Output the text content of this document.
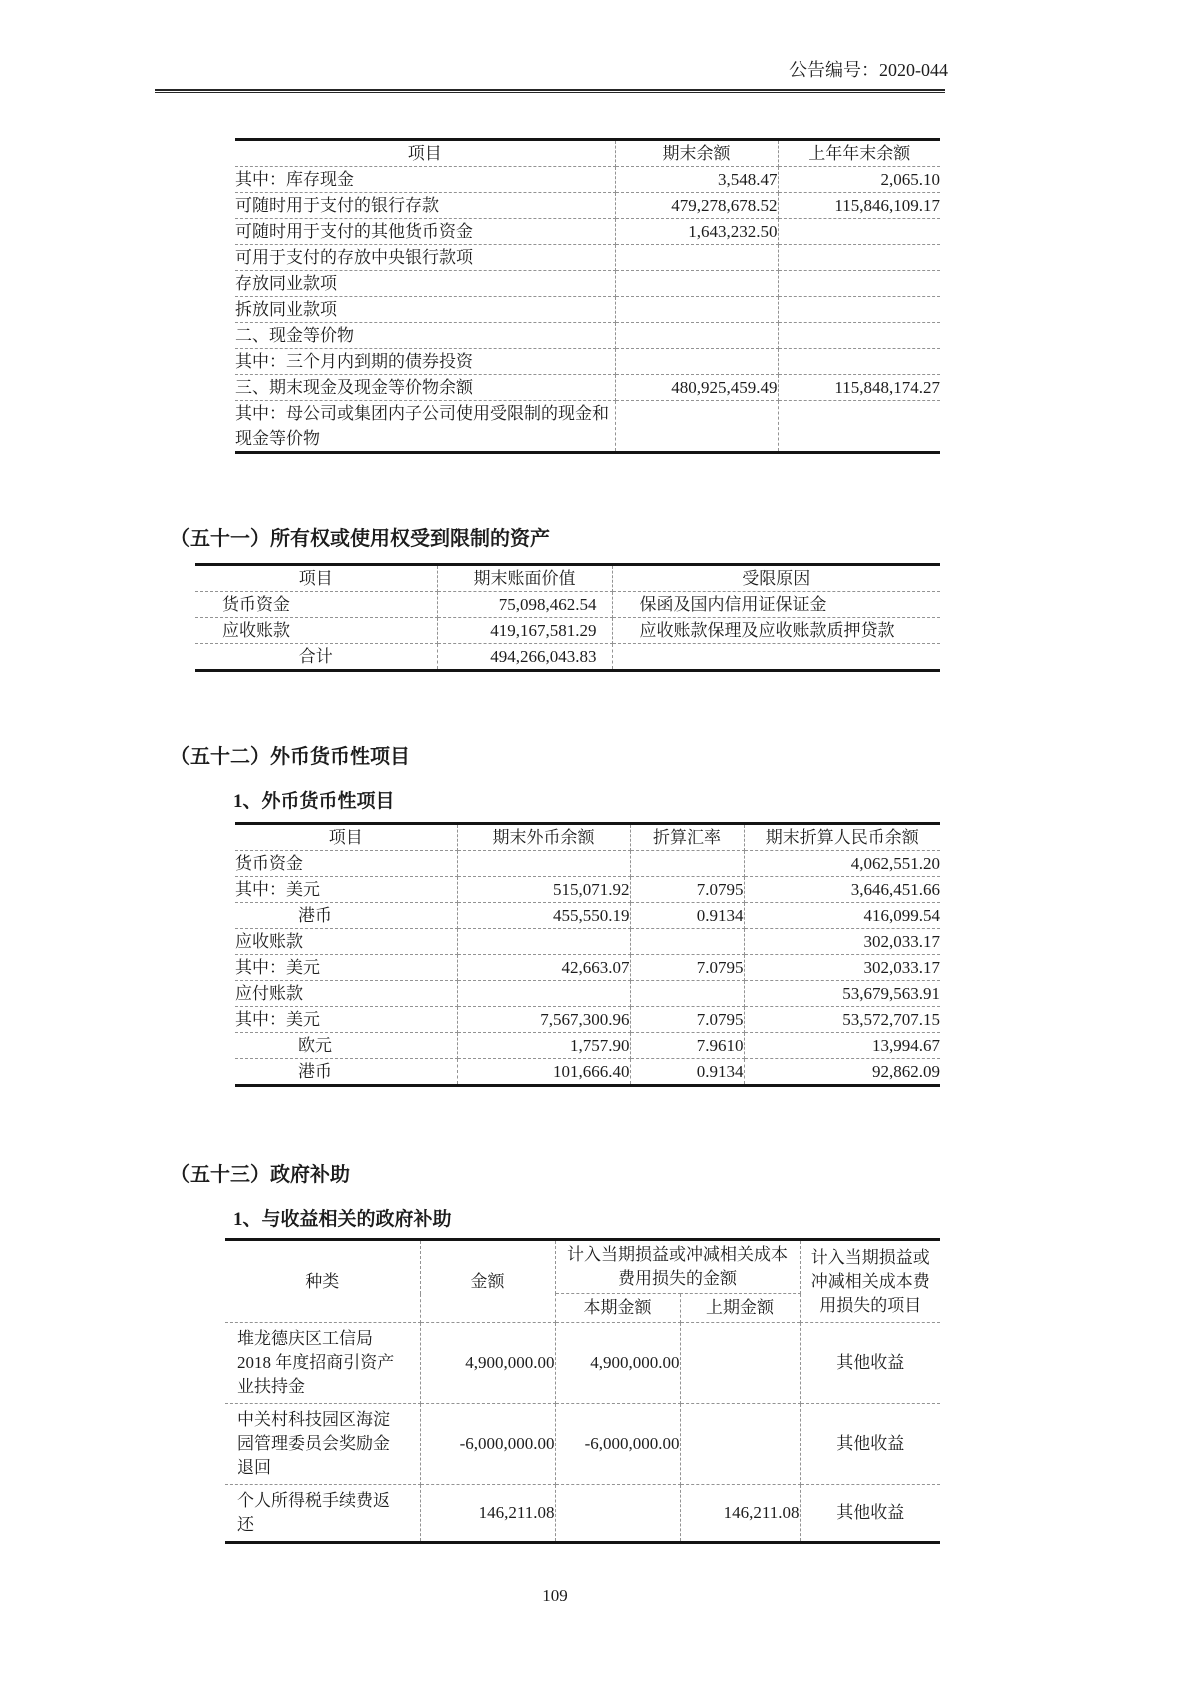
公告编号：2020-044
项目	期末余额	上年年末余额
其中：库存现金	3,548.47	2,065.10
可随时用于支付的银行存款	479,278,678.52	115,846,109.17
可随时用于支付的其他货币资金	1,643,232.50	
可用于支付的存放中央银行款项		
存放同业款项		
拆放同业款项		
二、现金等价物		
其中：三个月内到期的债券投资		
三、期末现金及现金等价物余额	480,925,459.49	115,848,174.27
其中：母公司或集团内子公司使用受限制的现金和现金等价物		
（五十一）所有权或使用权受到限制的资产
项目	期末账面价值	受限原因
货币资金	75,098,462.54	保函及国内信用证保证金
应收账款	419,167,581.29	应收账款保理及应收账款质押贷款
合计	494,266,043.83	
（五十二）外币货币性项目
1、外币货币性项目
项目	期末外币余额	折算汇率	期末折算人民币余额
货币资金			4,062,551.20
其中：美元	515,071.92	7.0795	3,646,451.66
港币	455,550.19	0.9134	416,099.54
应收账款			302,033.17
其中：美元	42,663.07	7.0795	302,033.17
应付账款			53,679,563.91
其中：美元	7,567,300.96	7.0795	53,572,707.15
欧元	1,757.90	7.9610	13,994.67
港币	101,666.40	0.9134	92,862.09
（五十三）政府补助
1、与收益相关的政府补助
种类	金额	计入当期损益或冲减相关成本费用损失的金额		计入当期损益或冲减相关成本费用损失的项目
		本期金额	上期金额	
堆龙德庆区工信局2018 年度招商引资产业扶持金	4,900,000.00	4,900,000.00		其他收益
中关村科技园区海淀园管理委员会奖励金退回	-6,000,000.00	-6,000,000.00		其他收益
个人所得税手续费返还	146,211.08		146,211.08	其他收益
109
